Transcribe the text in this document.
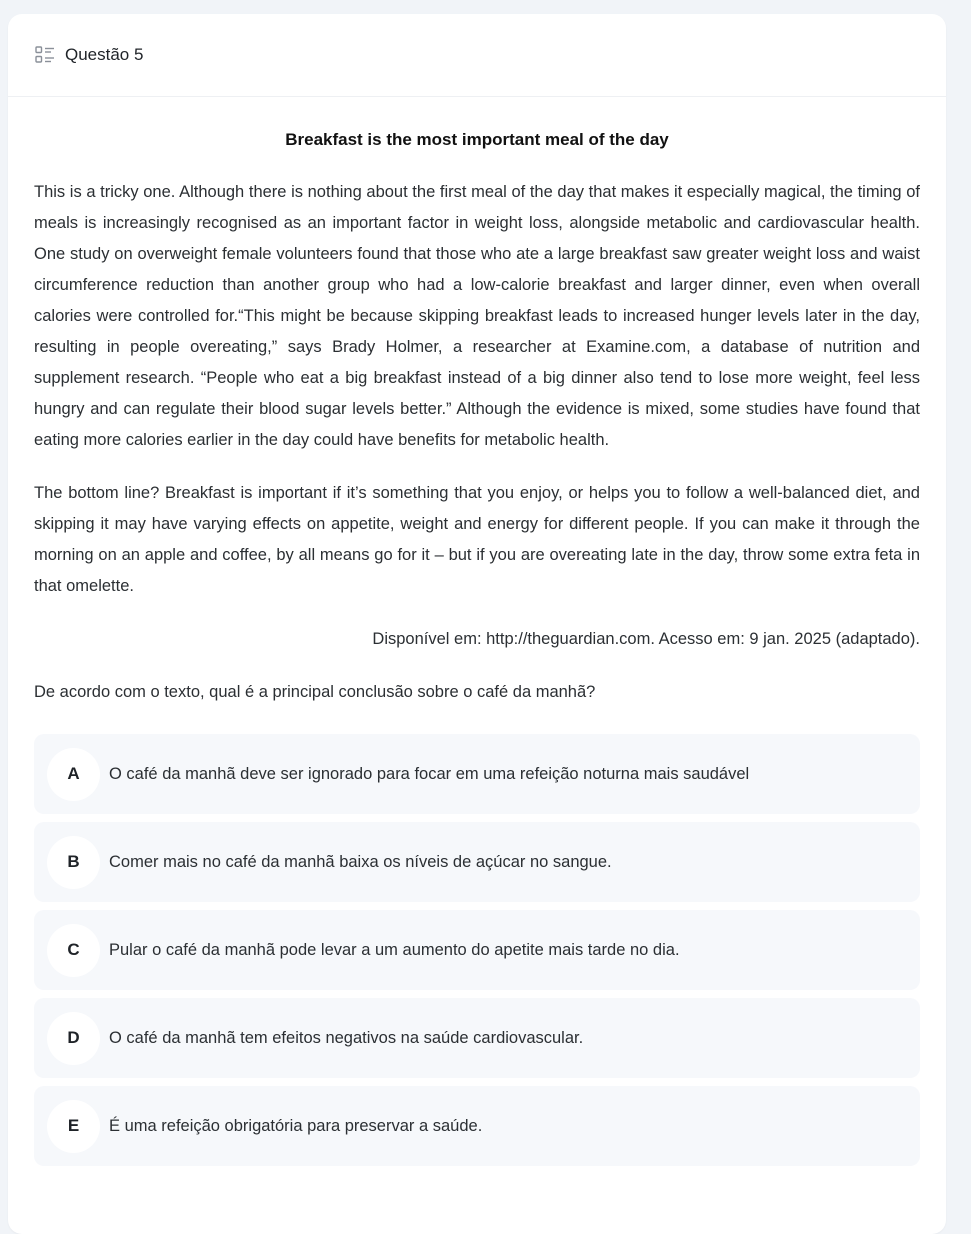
Questão 5
Breakfast is the most important meal of the day

This is a tricky one. Although there is nothing about the first meal of the day that makes it especially magical, the timing of meals is increasingly recognised as an important factor in weight loss, alongside metabolic and cardiovascular health. One study on overweight female volunteers found that those who ate a large breakfast saw greater weight loss and waist circumference reduction than another group who had a low-calorie breakfast and larger dinner, even when overall calories were controlled for.“This might be because skipping breakfast leads to increased hunger levels later in the day, resulting in people overeating,” says Brady Holmer, a researcher at Examine.com, a database of nutrition and supplement research. “People who eat a big breakfast instead of a big dinner also tend to lose more weight, feel less hungry and can regulate their blood sugar levels better.” Although the evidence is mixed, some studies have found that eating more calories earlier in the day could have benefits for metabolic health.

The bottom line? Breakfast is important if it’s something that you enjoy, or helps you to follow a well-balanced diet, and skipping it may have varying effects on appetite, weight and energy for different people. If you can make it through the morning on an apple and coffee, by all means go for it – but if you are overeating late in the day, throw some extra feta in that omelette.

Disponível em: http://theguardian.com. Acesso em: 9 jan. 2025 (adaptado).
De acordo com o texto, qual é a principal conclusão sobre o café da manhã?
A	O café da manhã deve ser ignorado para focar em uma refeição noturna mais saudável
B	Comer mais no café da manhã baixa os níveis de açúcar no sangue.
C	Pular o café da manhã pode levar a um aumento do apetite mais tarde no dia.
D	O café da manhã tem efeitos negativos na saúde cardiovascular.
E	É uma refeição obrigatória para preservar a saúde.
